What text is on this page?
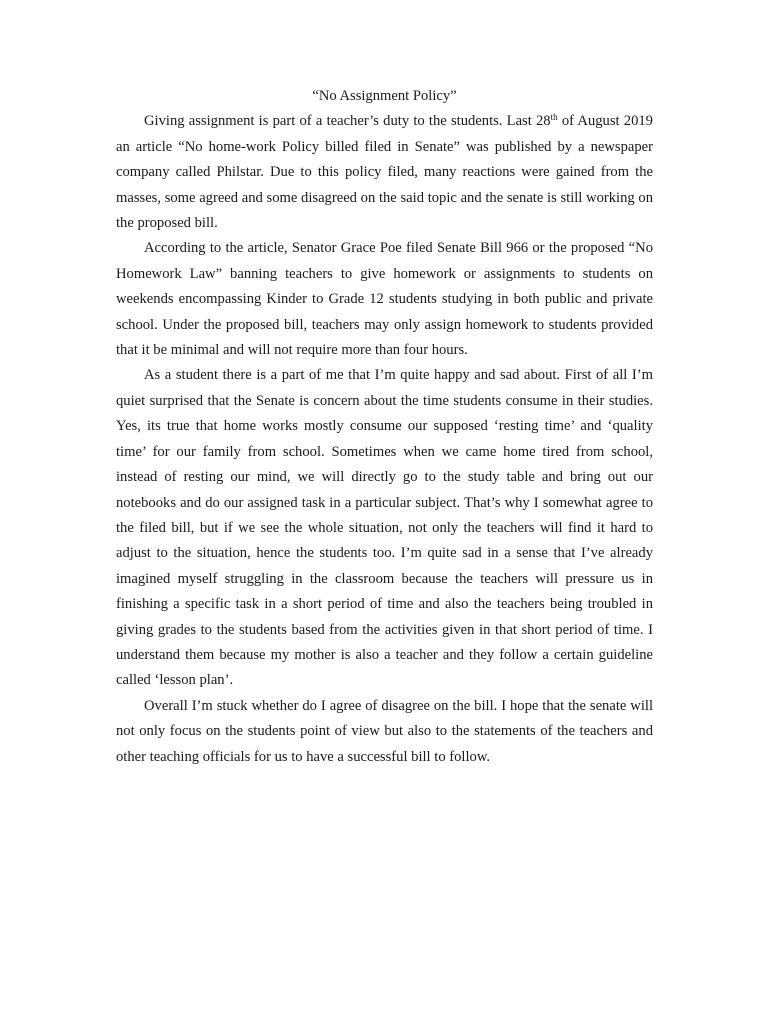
“No Assignment Policy”

Giving assignment is part of a teacher’s duty to the students. Last 28th of August 2019 an article “No home-work Policy billed filed in Senate” was published by a newspaper company called Philstar. Due to this policy filed, many reactions were gained from the masses, some agreed and some disagreed on the said topic and the senate is still working on the proposed bill.

According to the article, Senator Grace Poe filed Senate Bill 966 or the proposed “No Homework Law” banning teachers to give homework or assignments to students on weekends encompassing Kinder to Grade 12 students studying in both public and private school. Under the proposed bill, teachers may only assign homework to students provided that it be minimal and will not require more than four hours.

As a student there is a part of me that I’m quite happy and sad about. First of all I’m quiet surprised that the Senate is concern about the time students consume in their studies. Yes, its true that home works mostly consume our supposed ‘resting time’ and ‘quality time’ for our family from school. Sometimes when we came home tired from school, instead of resting our mind, we will directly go to the study table and bring out our notebooks and do our assigned task in a particular subject. That’s why I somewhat agree to the filed bill, but if we see the whole situation, not only the teachers will find it hard to adjust to the situation, hence the students too. I’m quite sad in a sense that I’ve already imagined myself struggling in the classroom because the teachers will pressure us in finishing a specific task in a short period of time and also the teachers being troubled in giving grades to the students based from the activities given in that short period of time. I understand them because my mother is also a teacher and they follow a certain guideline called ‘lesson plan’.

Overall I’m stuck whether do I agree of disagree on the bill. I hope that the senate will not only focus on the students point of view but also to the statements of the teachers and other teaching officials for us to have a successful bill to follow.
